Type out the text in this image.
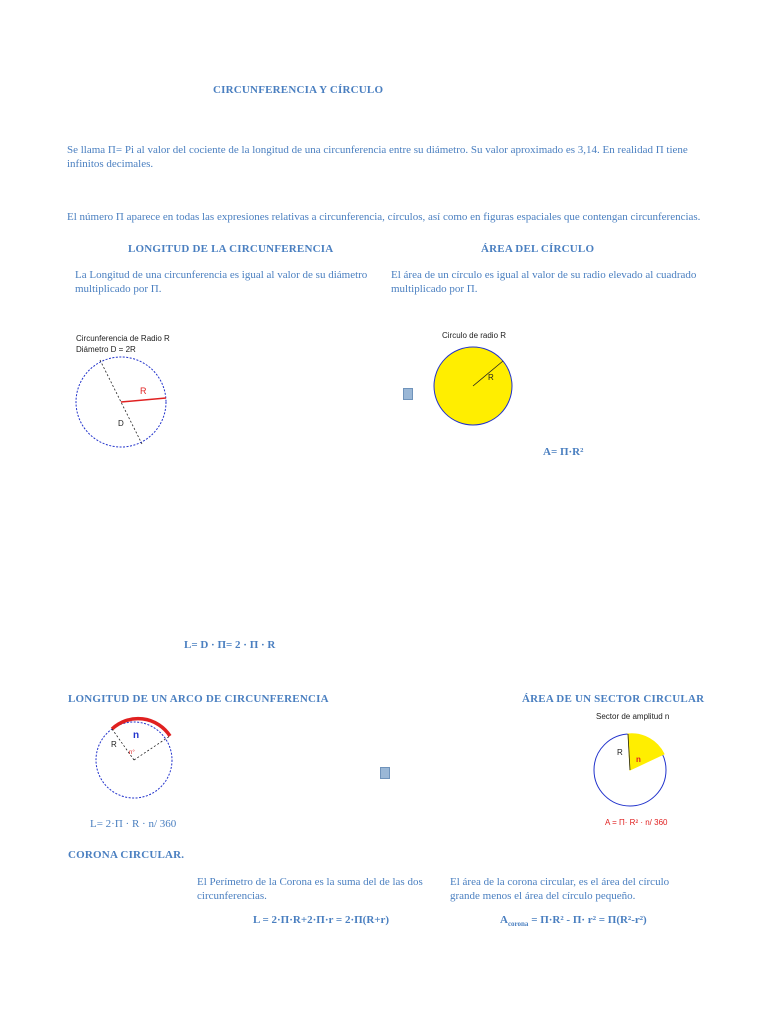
CIRCUNFERENCIA Y CÍRCULO
Se llama Π= Pi al valor del cociente de la longitud de una circunferencia entre su diámetro. Su valor aproximado es 3,14. En realidad Π tiene infinitos decimales.
El número Π aparece en todas las expresiones relativas a circunferencia, círculos, así como en figuras espaciales que contengan circunferencias.
LONGITUD DE LA CIRCUNFERENCIA
La Longitud de una circunferencia es igual al valor de su diámetro multiplicado por Π.
ÁREA DEL CÍRCULO
El área de un círculo es igual al valor de su radio elevado al cuadrado multiplicado por Π.
Circunferencia de Radio R
Diámetro D = 2R
R
D
Circulo de radio R
R
A= Π·R²
L= D · Π= 2 · Π · R
LONGITUD DE UN ARCO DE CIRCUNFERENCIA	ÁREA DE UN SECTOR CIRCULAR
n
R
n°
L= 2·Π · R · n/ 360
Sector de amplitud n
R
n
A = Π· R² · n/ 360
CORONA CIRCULAR.
El Perímetro de la Corona es la suma del de las dos circunferencias.
El área de la corona circular, es el área del círculo grande menos el área del círculo pequeño.
L = 2·Π·R+2·Π·r = 2·Π(R+r)	$A_{corona} = \Pi\cdot R^2 - \Pi\cdot r^2 = \Pi(R^2-r^2)$
